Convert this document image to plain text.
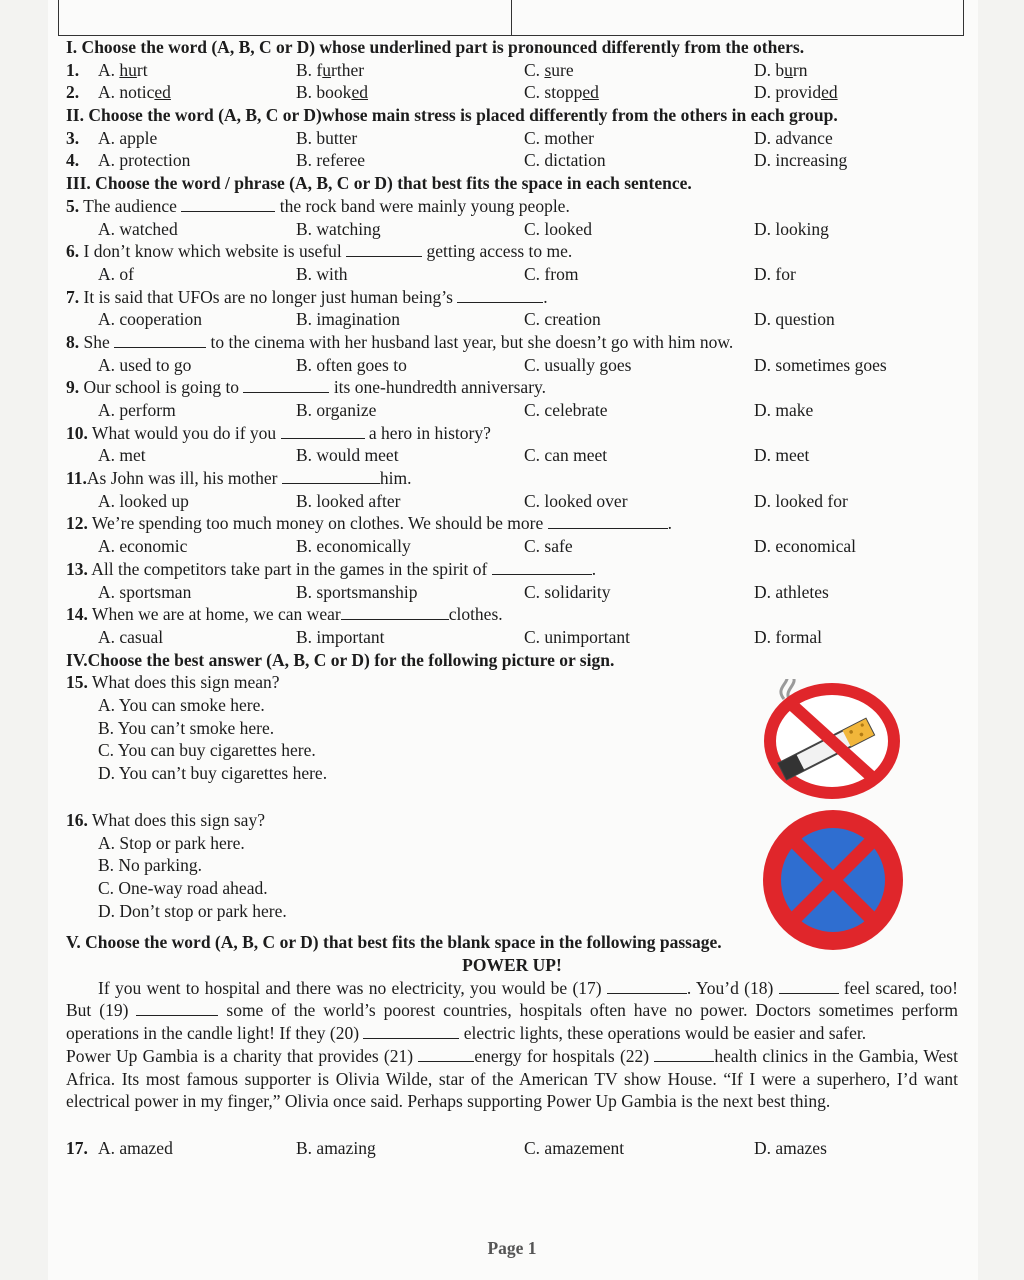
I. Choose the word (A, B, C or D) whose underlined part is pronounced differently from the others.
1. A. hurt	B. further	C. sure	D. burn
2. A. noticed	B. booked	C. stopped	D. provided
II. Choose the word (A, B, C or D)whose main stress is placed differently from the others in each group.
3. A. apple	B. butter	C. mother	D. advance
4. A. protection	B. referee	C. dictation	D. increasing
III. Choose the word / phrase (A, B, C or D) that best fits the space in each sentence.
5. The audience	the rock band were mainly young people.
A. watched	B. watching	C. looked	D. looking
6. I don’t know which website is useful	getting access to me.
A. of	B. with	C. from	D. for
7. It is said that UFOs are no longer just human being’s	.
A. cooperation	B. imagination	C. creation	D. question
8. She	to the cinema with her husband last year, but she doesn’t go with him now.
A. used to go	B. often goes to	C. usually goes	D. sometimes goes
9. Our school is going to	its one-hundredth anniversary.
A. perform	B. organize	C. celebrate	D. make
10. What would you do if you	a hero in history?
A. met	B. would meet	C. can meet	D. meet
11.As John was ill, his mother	him.
A. looked up	B. looked after	C. looked over	D. looked for
12. We’re spending too much money on clothes. We should be more	.
A. economic	B. economically	C. safe	D. economical
13. All the competitors take part in the games in the spirit of	.
A. sportsman	B. sportsmanship	C. solidarity	D. athletes
14. When we are at home, we can wear	clothes.
A. casual	B. important	C. unimportant	D. formal
IV.Choose the best answer (A, B, C or D) for the following picture or sign.
15. What does this sign mean?
A. You can smoke here.
B. You can’t smoke here.
C. You can buy cigarettes here.
D. You can’t buy cigarettes here.
16. What does this sign say?
A. Stop or park here.
B. No parking.
C. One-way road ahead.
D. Don’t stop or park here.
V. Choose the word (A, B, C or D) that best fits the blank space in the following passage.
POWER UP!

If you went to hospital and there was no electricity, you would be (17)	. You’d (18)	feel scared, too! But (19)	some of the world’s poorest countries, hospitals often have no power. Doctors sometimes perform operations in the candle light! If they (20)	electric lights, these operations would be easier and safer.

Power Up Gambia is a charity that provides (21)	energy for hospitals (22)	health clinics in the Gambia, West Africa. Its most famous supporter is Olivia Wilde, star of the American TV show House. “If I were a superhero, I’d want electrical power in my finger,” Olivia once said. Perhaps supporting Power Up Gambia is the next best thing.

17. A. amazed	B. amazing	C. amazement	D. amazes
Page 1
